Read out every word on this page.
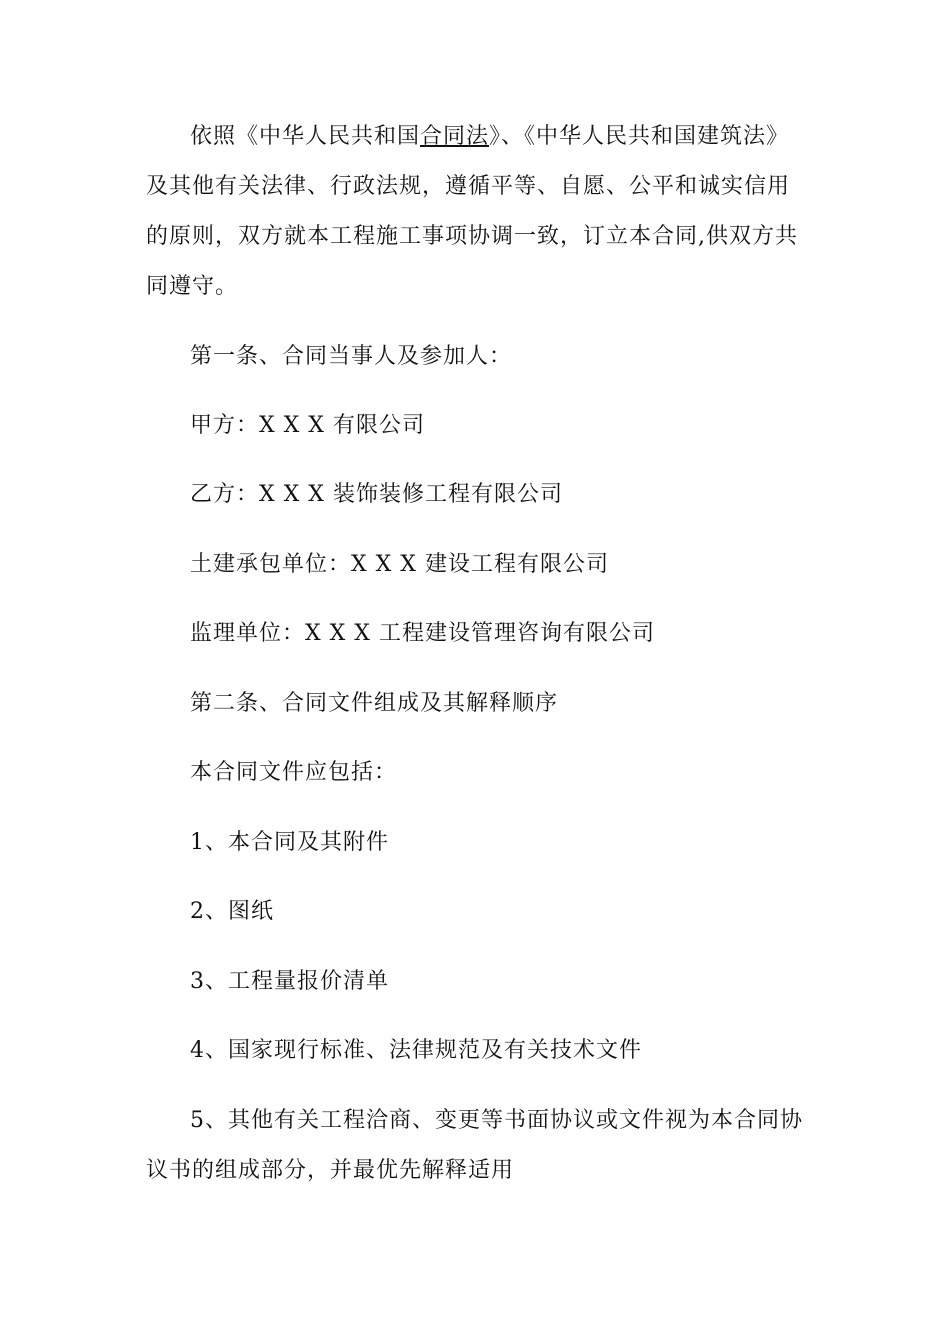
依照《中华人民共和国合同法》、《中华人民共和国建筑法》及其他有关法律、行政法规，遵循平等、自愿、公平和诚实信用的原则，双方就本工程施工事项协调一致，订立本合同,供双方共同遵守。

第一条、合同当事人及参加人：

甲方：X X X 有限公司

乙方：X X X 装饰装修工程有限公司

土建承包单位：X X X 建设工程有限公司

监理单位：X X X 工程建设管理咨询有限公司

第二条、合同文件组成及其解释顺序

本合同文件应包括：

1、本合同及其附件

2、图纸

3、工程量报价清单

4、国家现行标准、法律规范及有关技术文件

5、其他有关工程洽商、变更等书面协议或文件视为本合同协议书的组成部分，并最优先解释适用
